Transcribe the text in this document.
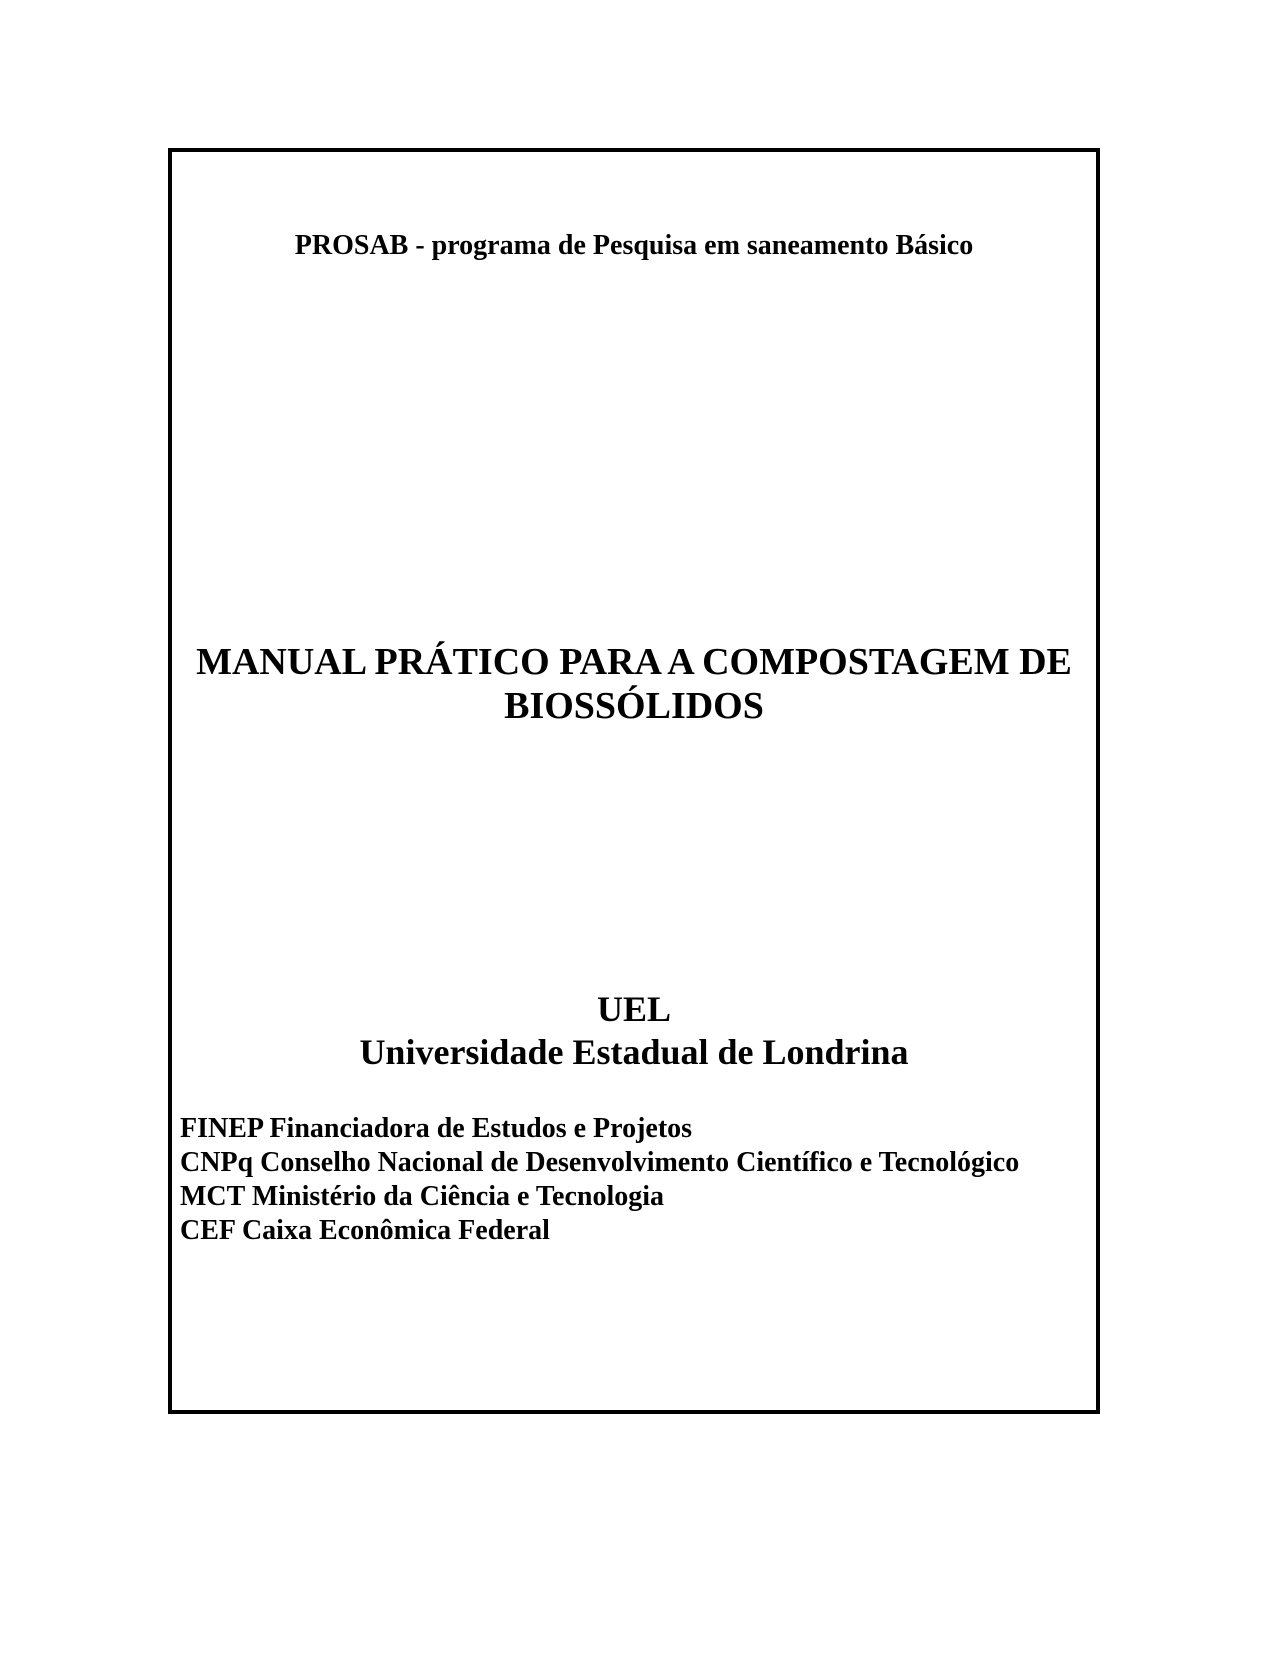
PROSAB - programa de Pesquisa em saneamento Básico
MANUAL PRÁTICO PARA A COMPOSTAGEM DE
BIOSSÓLIDOS
UEL
Universidade Estadual de Londrina
FINEP Financiadora de Estudos e Projetos
CNPq Conselho Nacional de Desenvolvimento Científico e Tecnológico
MCT Ministério da Ciência e Tecnologia
CEF Caixa Econômica Federal
